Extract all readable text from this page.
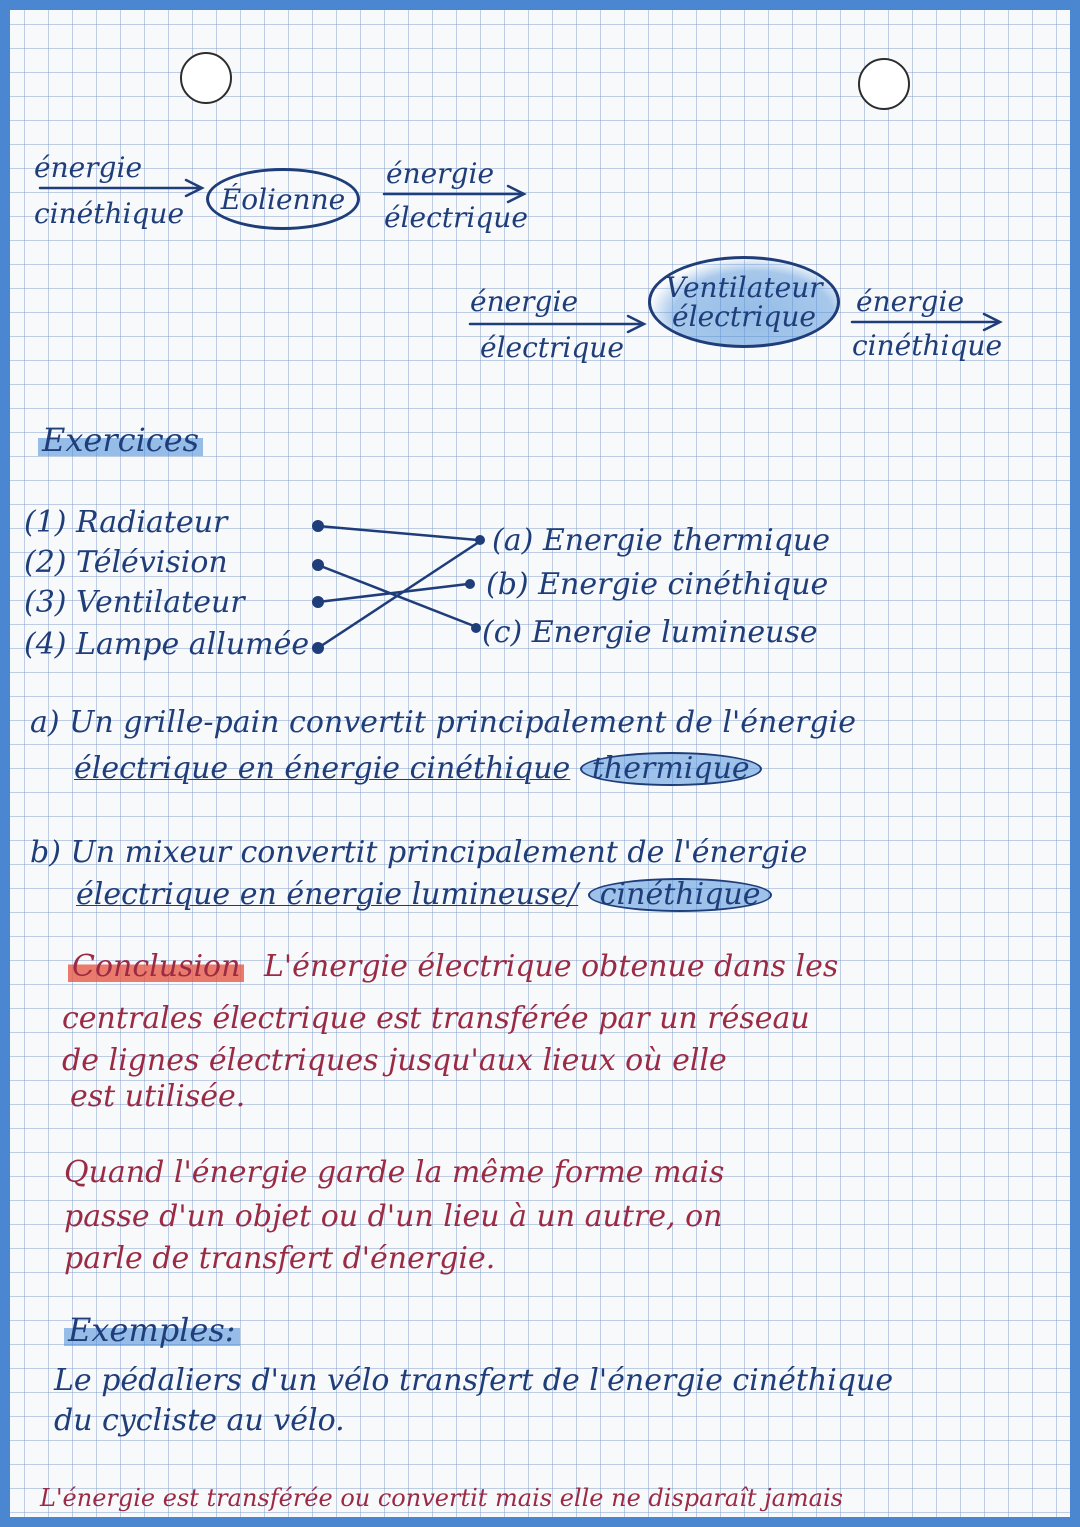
énergie
cinéthique Éolienne
énergie
électrique
énergie
électrique
Ventilateur
électrique énergie
cinéthique
Exercices
(1) Radiateur
(2) Télévision
(3) Ventilateur
(4) Lampe allumée
(a) Energie thermique
(b) Energie cinéthique
(c) Energie lumineuse
a) Un grille-pain convertit principalement de l'énergie
électrique en énergie cinéthique thermique
b) Un mixeur convertit principalement de l'énergie
électrique en énergie lumineuse/ cinéthique
Conclusion L'énergie électrique obtenue dans les
centrales électrique est transférée par un réseau
de lignes électriques jusqu'aux lieux où elle
est utilisée.
Quand l'énergie garde la même forme mais
passe d'un objet ou d'un lieu à un autre, on
parle de transfert d'énergie.
Exemples:
Le pédaliers d'un vélo transfert de l'énergie cinéthique
du cycliste au vélo.
L'énergie est transférée ou convertit mais elle ne disparaît jamais
